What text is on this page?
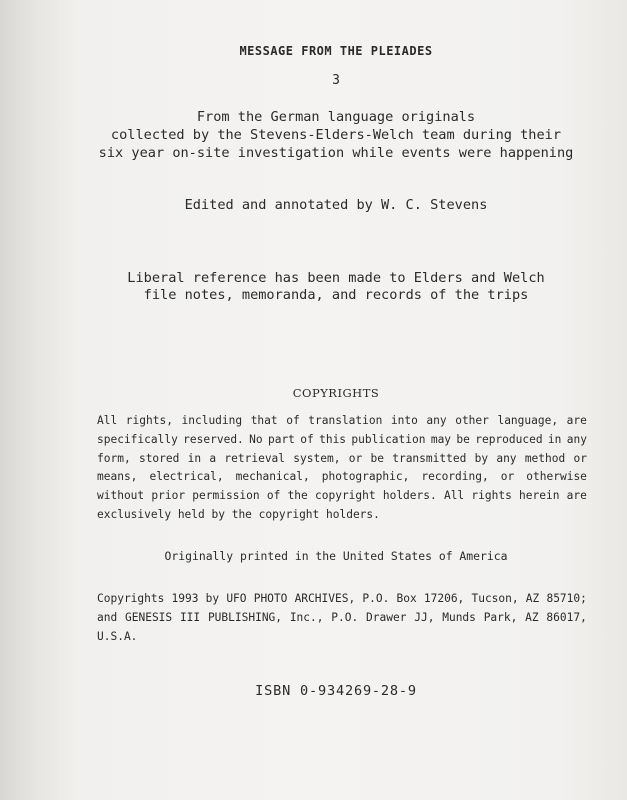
MESSAGE FROM THE PLEIADES
3
From the German language originals
collected by the Stevens-Elders-Welch team during their
six year on-site investigation while events were happening
Edited and annotated by W. C. Stevens
Liberal reference has been made to Elders and Welch
file notes, memoranda, and records of the trips
COPYRIGHTS
All rights, including that of translation into any other language, are
specifically reserved. No part of this publication may be reproduced in any
form, stored in a retrieval system, or be transmitted by any method or
means, electrical, mechanical, photographic, recording, or otherwise
without prior permission of the copyright holders. All rights herein are
exclusively held by the copyright holders.
Originally printed in the United States of America
Copyrights 1993 by UFO PHOTO ARCHIVES, P.O. Box 17206, Tucson, AZ 85710;
and GENESIS III PUBLISHING, Inc., P.O. Drawer JJ, Munds Park, AZ 86017,
U.S.A.
ISBN 0-934269-28-9
